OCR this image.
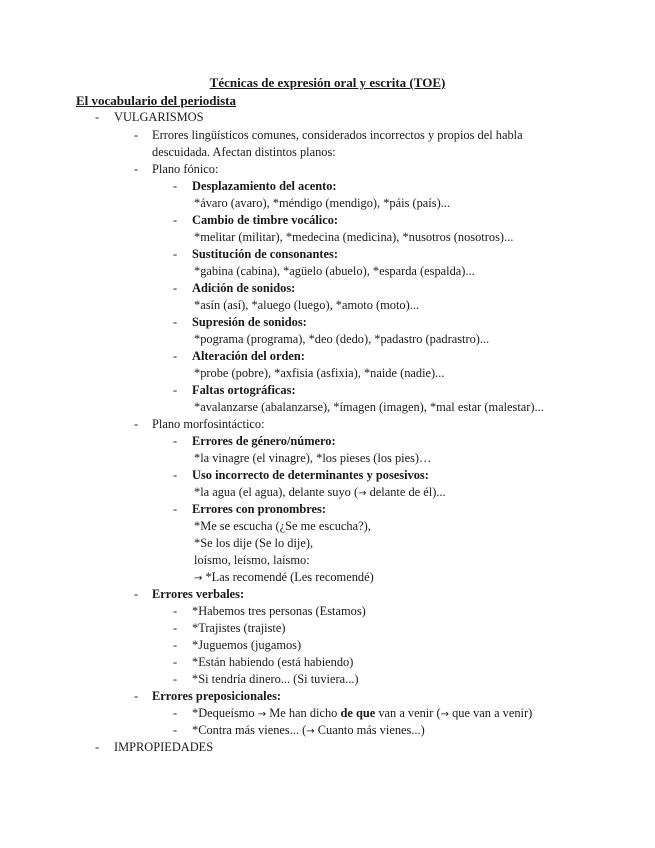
Técnicas de expresión oral y escrita (TOE)
El vocabulario del periodista
-	VULGARISMOS
-	Errores lingüísticos comunes, considerados incorrectos y propios del habla
descuidada. Afectan distintos planos:
-	Plano fónico:
-	Desplazamiento del acento:
*ávaro (avaro), *méndigo (mendigo), *páis (país)...
-	Cambio de timbre vocálico:
*melitar (militar), *medecina (medicina), *nusotros (nosotros)...
-	Sustitución de consonantes:
*gabina (cabina), *agüelo (abuelo), *esparda (espalda)...
-	Adición de sonidos:
*asín (así), *aluego (luego), *amoto (moto)...
-	Supresión de sonidos:
*pograma (programa), *deo (dedo), *padastro (padrastro)...
-	Alteración del orden:
*probe (pobre), *axfisia (asfixia), *naide (nadie)...
-	Faltas ortográficas:
*avalanzarse (abalanzarse), *ímagen (imagen), *mal estar (malestar)...
-	Plano morfosintáctico:
-	Errores de género/número:
*la vinagre (el vinagre), *los pieses (los pies)…
-	Uso incorrecto de determinantes y posesivos:
*la agua (el agua), delante suyo (→ delante de él)...
-	Errores con pronombres:
*Me se escucha (¿Se me escucha?),
*Se los dije (Se lo dije),
loísmo, leísmo, laísmo:
→ *Las recomendé (Les recomendé)
-	Errores verbales:
-	*Habemos tres personas (Estamos)
-	*Trajistes (trajiste)
-	*Juguemos (jugamos)
-	*Están habiendo (está habiendo)
-	*Si tendría dinero... (Si tuviera...)
-	Errores preposicionales:
-	*Dequeísmo → Me han dicho de que van a venir (→ que van a venir)
-	*Contra más vienes... (→ Cuanto más vienes...)
-	IMPROPIEDADES
